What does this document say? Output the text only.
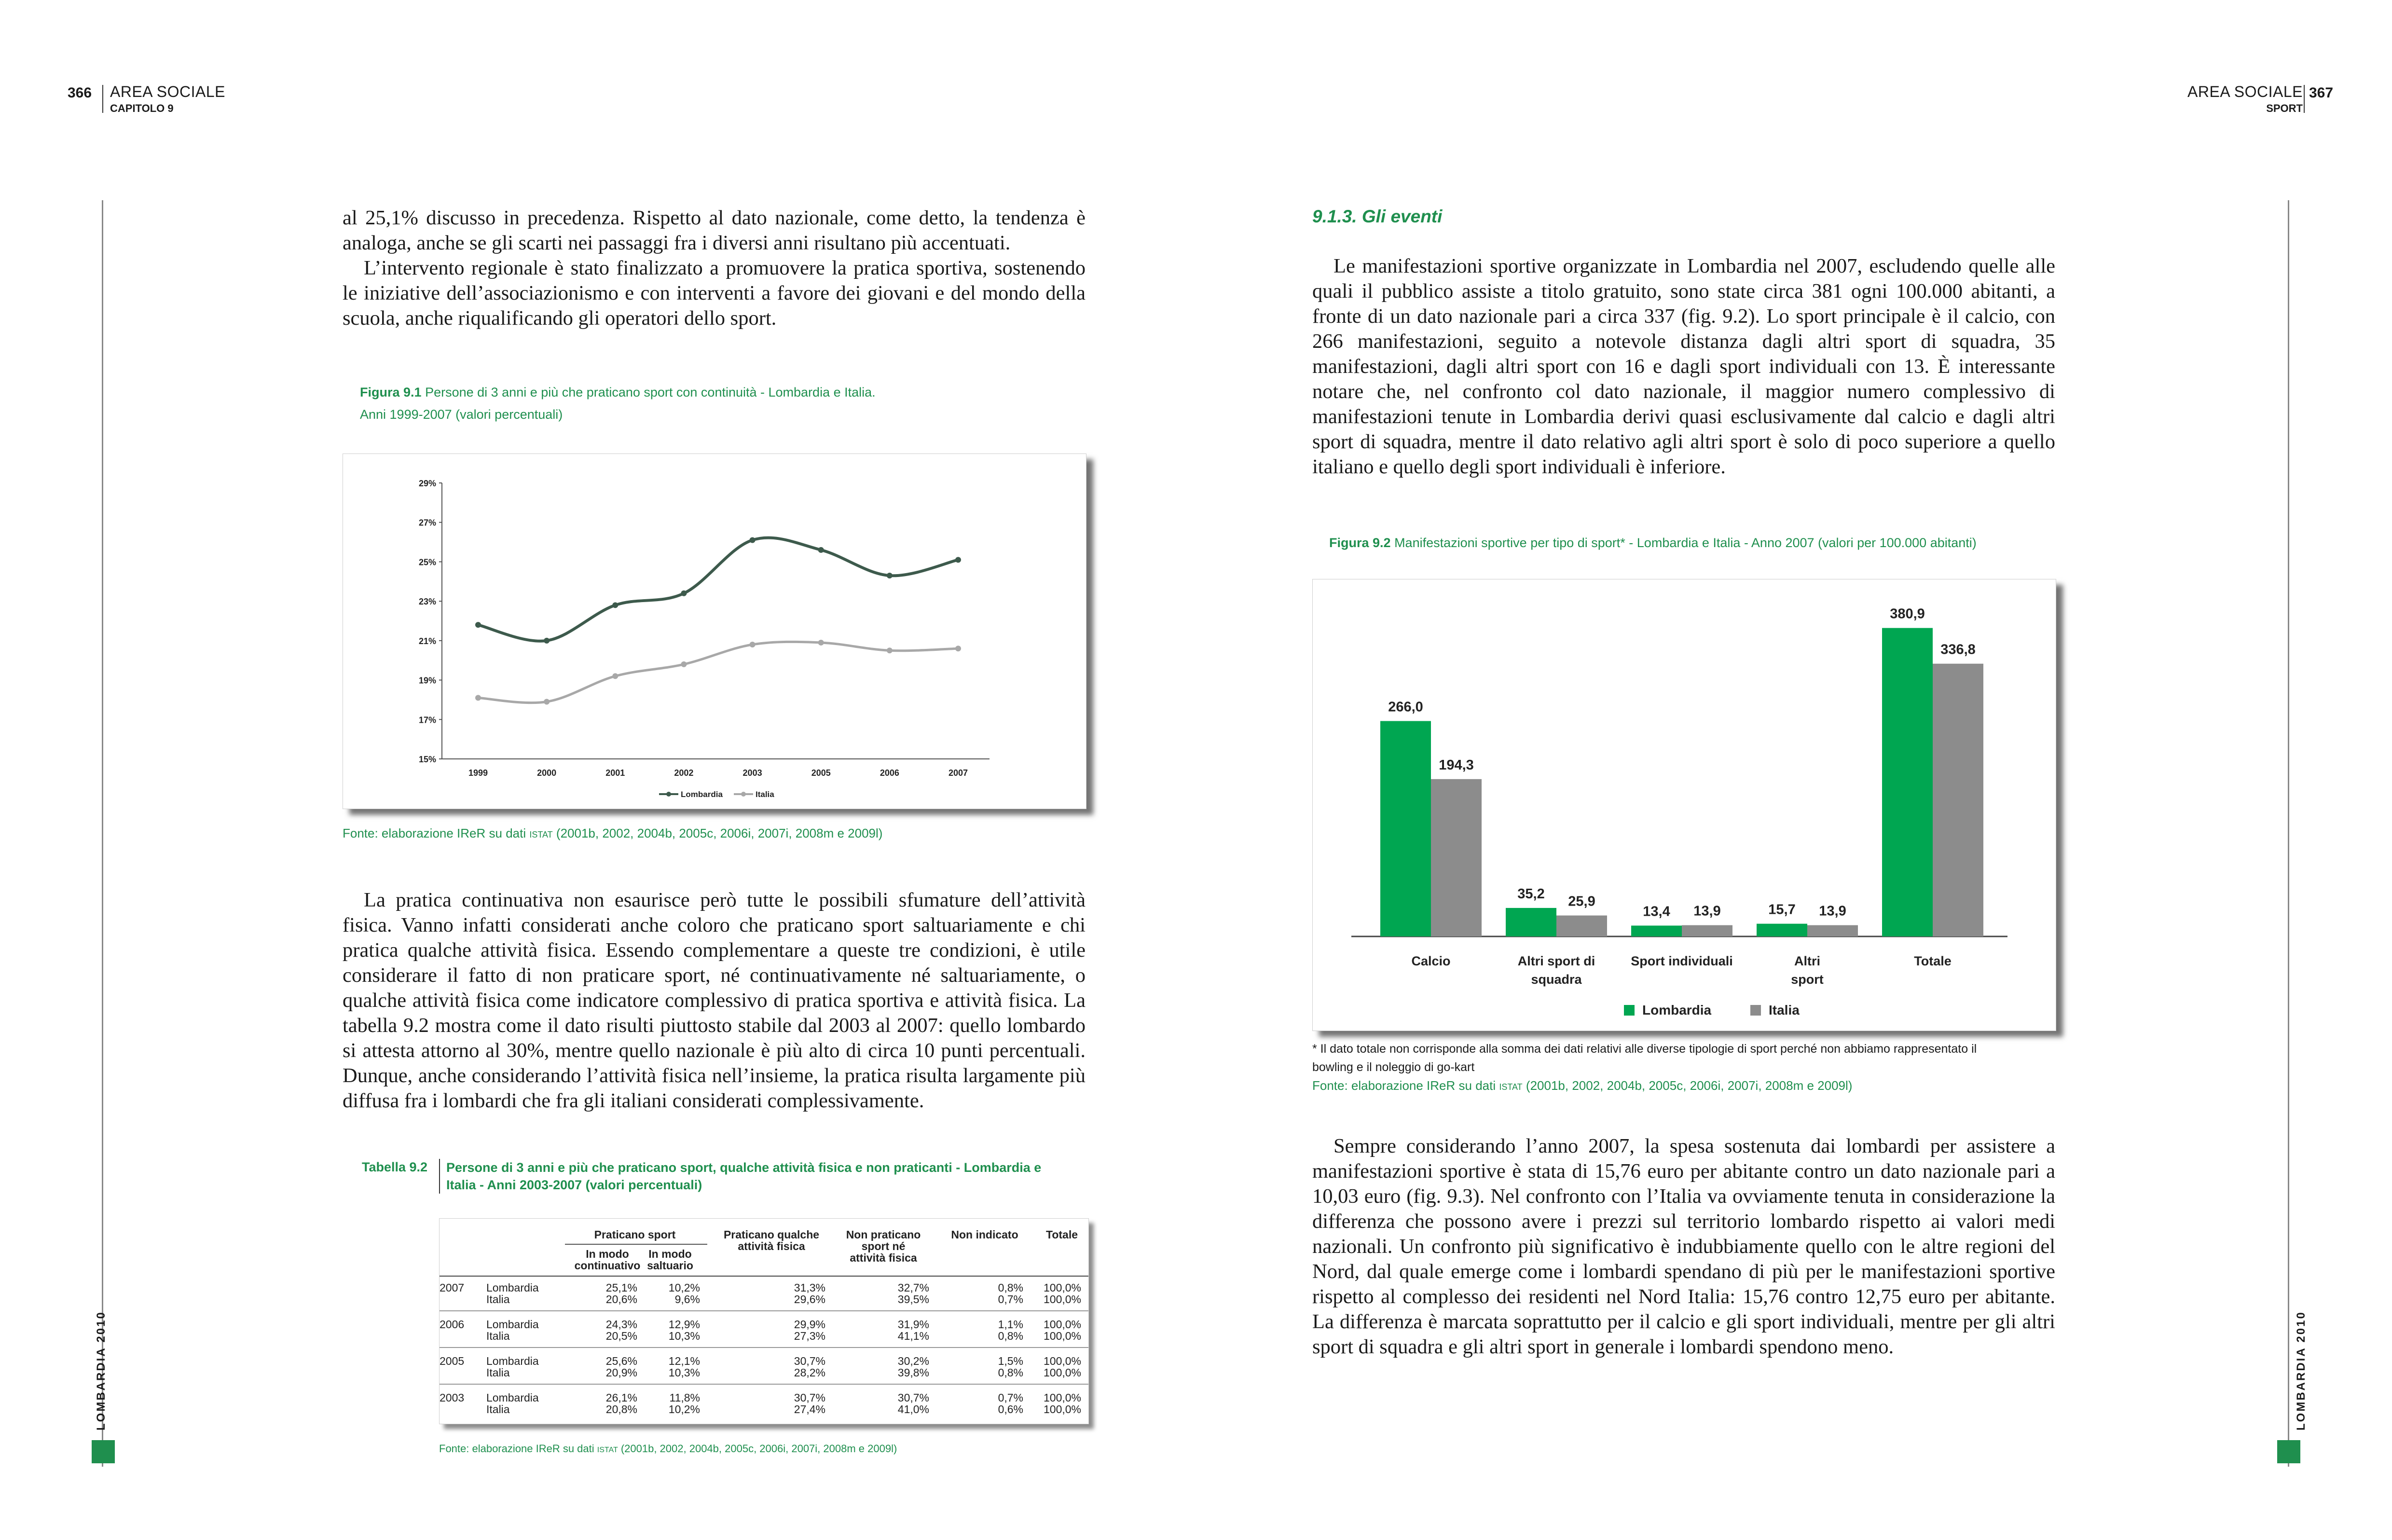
366 AREA SOCIALE
CAPITOLO 9
AREA SOCIALE
SPORT
367
LOMBARDIA 2010	LOMBARDIA 2010

al 25,1% discusso in precedenza. Rispetto al dato nazionale, come detto, la tendenza è analoga, anche se gli scarti nei passaggi fra i diversi anni risultano più accentuati.

L’intervento regionale è stato finalizzato a promuovere la pratica sportiva, sostenendo le iniziative dell’associazionismo e con interventi a favore dei giovani e del mondo della scuola, anche riqualificando gli operatori dello sport.

Figura 9.1 Persone di 3 anni e più che praticano sport con continuità - Lombardia e Italia.
Anni 1999-2007 (valori percentuali)
29%
27%
25%
23%
21%
19%
17%
15%
1999	2000	2001	2002	2003	2005	2006	2007
Lombardia	Italia
Fonte: elaborazione IReR su dati ISTAT (2001b, 2002, 2004b, 2005c, 2006i, 2007i, 2008m e 2009l)

La pratica continuativa non esaurisce però tutte le possibili sfumature dell’attività fisica. Vanno infatti considerati anche coloro che praticano sport saltuariamente e chi pratica qualche attività fisica. Essendo complementare a queste tre condizioni, è utile considerare il fatto di non praticare sport, né continuativamente né saltuariamente, o qualche attività fisica come indicatore complessivo di pratica sportiva e attività fisica. La tabella 9.2 mostra come il dato risulti piuttosto stabile dal 2003 al 2007: quello lombardo si attesta attorno al 30%, mentre quello nazionale è più alto di circa 10 punti percentuali. Dunque, anche considerando l’attività fisica nell’insieme, la pratica risulta largamente più diffusa fra i lombardi che fra gli italiani considerati complessivamente.

Tabella 9.2 Persone di 3 anni e più che praticano sport, qualche attività fisica e non praticanti - Lombardia e
Italia - Anni 2003-2007 (valori percentuali)
Praticano sport
In modo
continuativo
In modo
saltuario
Praticano qualche
attività fisica
Non praticano
sport né
attività fisica
Non indicato	Totale
2007 Lombardia	25,1%	10,2%	31,3%	32,7%	0,8% 100,0%
Italia	20,6%	9,6%	29,6%	39,5%	0,7% 100,0%
2006 Lombardia	24,3%	12,9%	29,9%	31,9%	1,1% 100,0%
Italia	20,5%	10,3%	27,3%	41,1%	0,8% 100,0%
2005 Lombardia	25,6%	12,1%	30,7%	30,2%	1,5% 100,0%
Italia	20,9%	10,3%	28,2%	39,8%	0,8% 100,0%
2003 Lombardia	26,1%	11,8%	30,7%	30,7%	0,7% 100,0%
Italia	20,8%	10,2%	27,4%	41,0%	0,6% 100,0%
Fonte: elaborazione IReR su dati ISTAT (2001b, 2002, 2004b, 2005c, 2006i, 2007i, 2008m e 2009l)
9.1.3. Gli eventi

Le manifestazioni sportive organizzate in Lombardia nel 2007, escludendo quelle alle quali il pubblico assiste a titolo gratuito, sono state circa 381 ogni 100.000 abitanti, a fronte di un dato nazionale pari a circa 337 (fig. 9.2). Lo sport principale è il calcio, con 266 manifestazioni, seguito a notevole distanza dagli altri sport di squadra, 35 manifestazioni, dagli altri sport con 16 e dagli sport individuali con 13. È interessante notare che, nel confronto col dato nazionale, il maggior numero complessivo di manifestazioni tenute in Lombardia derivi quasi esclusivamente dal calcio e dagli altri sport di squadra, mentre il dato relativo agli altri sport è solo di poco superiore a quello italiano e quello degli sport individuali è inferiore.

Figura 9.2 Manifestazioni sportive per tipo di sport* - Lombardia e Italia - Anno 2007 (valori per 100.000 abitanti)
266,0
194,3
Calcio
35,2 25,9
Altri sport di
squadra
13,4 13,9
Sport individuali
15,7 13,9
Altri
sport
380,9
336,8
Totale
Lombardia	Italia
* Il dato totale non corrisponde alla somma dei dati relativi alle diverse tipologie di sport perché non abbiamo rappresentato il
bowling e il noleggio di go-kart
Fonte: elaborazione IReR su dati ISTAT (2001b, 2002, 2004b, 2005c, 2006i, 2007i, 2008m e 2009l)

Sempre considerando l’anno 2007, la spesa sostenuta dai lombardi per assistere a manifestazioni sportive è stata di 15,76 euro per abitante contro un dato nazionale pari a 10,03 euro (fig. 9.3). Nel confronto con l’Italia va ovviamente tenuta in considerazione la differenza che possono avere i prezzi sul territorio lombardo rispetto ai valori medi nazionali. Un confronto più significativo è indubbiamente quello con le altre regioni del Nord, dal quale emerge come i lombardi spendano di più per le manifestazioni sportive rispetto al complesso dei residenti nel Nord Italia: 15,76 contro 12,75 euro per abitante. La differenza è marcata soprattutto per il calcio e gli sport individuali, mentre per gli altri sport di squadra e gli altri sport in generale i lombardi spendono meno.
